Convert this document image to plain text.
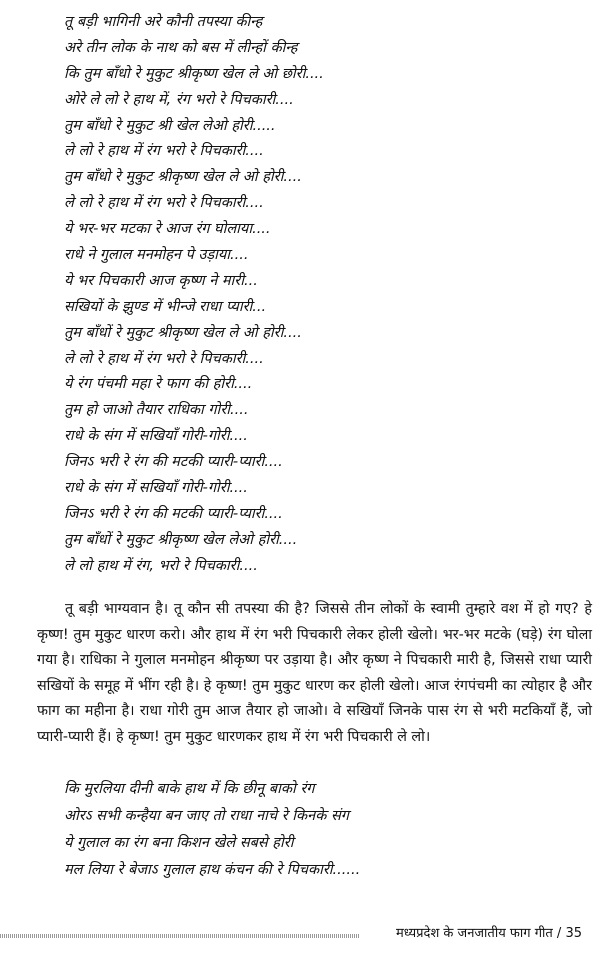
तू बड़ी भागिनी अरे कौनी तपस्या कीन्ह
अरे तीन लोक के नाथ को बस में लीन्हों कीन्ह
कि तुम बाँधो रे मुकुट श्रीकृष्ण खेल ले ओ छोरी....
ओरे ले लो रे हाथ में, रंग भरो रे पिचकारी....
तुम बाँधो रे मुकुट श्री खेल लेओ होरी.....
ले लो रे हाथ में रंग भरो रे पिचकारी....
तुम बाँधो रे मुकुट श्रीकृष्ण खेल ले ओ होरी....
ले लो रे हाथ में रंग भरो रे पिचकारी....
ये भर-भर मटका रे आज रंग घोलाया....
राधे ने गुलाल मनमोहन पे उड़ाया....
ये भर पिचकारी आज कृष्ण ने मारी...
सखियों के झुण्ड में भीन्जे राधा प्यारी...
तुम बाँधों रे मुकुट श्रीकृष्ण खेल ले ओ होरी....
ले लो रे हाथ में रंग भरो रे पिचकारी....
ये रंग पंचमी महा रे फाग की होरी....
तुम हो जाओ तैयार राधिका गोरी....
राधे के संग में सखियाँ गोरी-गोरी....
जिनऽ भरी रे रंग की मटकी प्यारी-प्यारी....
राधे के संग में सखियाँ गोरी-गोरी....
जिनऽ भरी रे रंग की मटकी प्यारी-प्यारी....
तुम बाँधों रे मुकुट श्रीकृष्ण खेल लेओ होरी....
ले लो हाथ में रंग, भरो रे पिचकारी....

तू बड़ी भाग्यवान है। तू कौन सी तपस्या की है? जिससे तीन लोकों के स्वामी तुम्हारे वश में हो गए? हे कृष्ण! तुम मुकुट धारण करो। और हाथ में रंग भरी पिचकारी लेकर होली खेलो। भर-भर मटके (घड़े) रंग घोला गया है। राधिका ने गुलाल मनमोहन श्रीकृष्ण पर उड़ाया है। और कृष्ण ने पिचकारी मारी है, जिससे राधा प्यारी सखियों के समूह में भींग रही है। हे कृष्ण! तुम मुकुट धारण कर होली खेलो। आज रंगपंचमी का त्योहार है और फाग का महीना है। राधा गोरी तुम आज तैयार हो जाओ। वे सखियाँ जिनके पास रंग से भरी मटकियाँ हैं, जो प्यारी-प्यारी हैं। हे कृष्ण! तुम मुकुट धारणकर हाथ में रंग भरी पिचकारी ले लो।

कि मुरलिया दीनी बाके हाथ में कि छीनू बाको रंग
ओरऽ सभी कन्हैया बन जाए तो राधा नाचे रे किनके संग
ये गुलाल का रंग बना किशन खेले सबसे होरी
मल लिया रे बेजाऽ गुलाल हाथ कंचन की रे पिचकारी......
मध्यप्रदेश के जनजातीय फाग गीत / 35
